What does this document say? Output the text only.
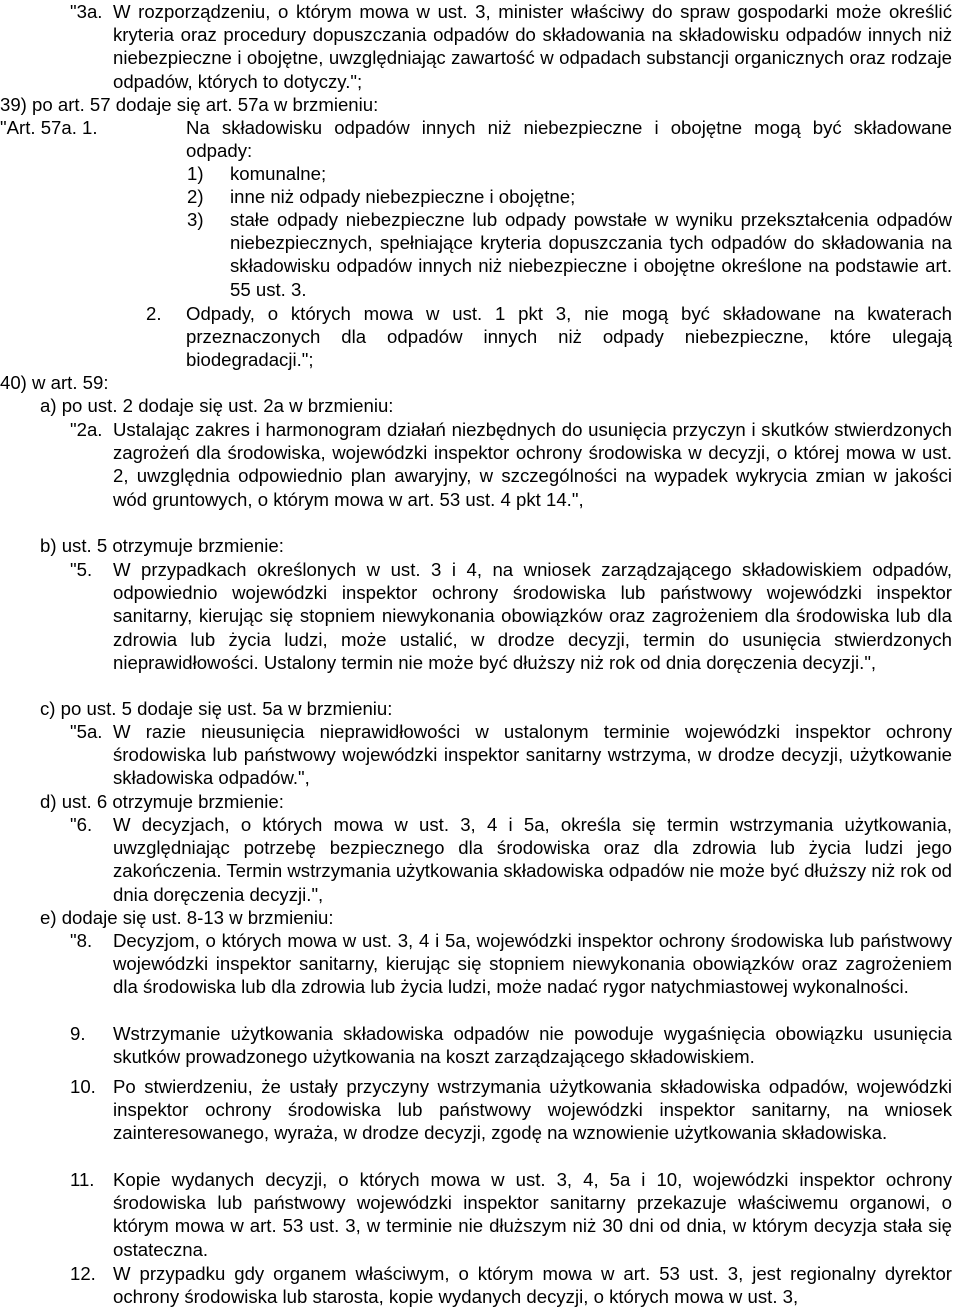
"3a. W rozporządzeniu, o którym mowa w ust. 3, minister właściwy do spraw gospodarki może określić kryteria oraz procedury dopuszczania odpadów do składowania na składowisku odpadów innych niż niebezpieczne i obojętne, uwzględniając zawartość w odpadach substancji organicznych oraz rodzaje odpadów, których to dotyczy.";
39) po art. 57 dodaje się art. 57a w brzmieniu:
"Art. 57a. 1.	Na składowisku odpadów innych niż niebezpieczne i obojętne mogą być składowane odpady:
1) komunalne;
2) inne niż odpady niebezpieczne i obojętne;
3) stałe odpady niebezpieczne lub odpady powstałe w wyniku przekształcenia odpadów niebezpiecznych, spełniające kryteria dopuszczania tych odpadów do składowania na składowisku odpadów innych niż niebezpieczne i obojętne określone na podstawie art. 55 ust. 3.
2. Odpady, o których mowa w ust. 1 pkt 3, nie mogą być składowane na kwaterach przeznaczonych dla odpadów innych niż odpady niebezpieczne, które ulegają biodegradacji.";
40) w art. 59:
a) po ust. 2 dodaje się ust. 2a w brzmieniu:
"2a. Ustalając zakres i harmonogram działań niezbędnych do usunięcia przyczyn i skutków stwierdzonych zagrożeń dla środowiska, wojewódzki inspektor ochrony środowiska w decyzji, o której mowa w ust. 2, uwzględnia odpowiednio plan awaryjny, w szczególności na wypadek wykrycia zmian w jakości wód gruntowych, o którym mowa w art. 53 ust. 4 pkt 14.",
b) ust. 5 otrzymuje brzmienie:
"5. W przypadkach określonych w ust. 3 i 4, na wniosek zarządzającego składowiskiem odpadów, odpowiednio wojewódzki inspektor ochrony środowiska lub państwowy wojewódzki inspektor sanitarny, kierując się stopniem niewykonania obowiązków oraz zagrożeniem dla środowiska lub dla zdrowia lub życia ludzi, może ustalić, w drodze decyzji, termin do usunięcia stwierdzonych nieprawidłowości. Ustalony termin nie może być dłuższy niż rok od dnia doręczenia decyzji.",
c) po ust. 5 dodaje się ust. 5a w brzmieniu:
"5a. W razie nieusunięcia nieprawidłowości w ustalonym terminie wojewódzki inspektor ochrony środowiska lub państwowy wojewódzki inspektor sanitarny wstrzyma, w drodze decyzji, użytkowanie składowiska odpadów.",
d) ust. 6 otrzymuje brzmienie:
"6. W decyzjach, o których mowa w ust. 3, 4 i 5a, określa się termin wstrzymania użytkowania, uwzględniając potrzebę bezpiecznego dla środowiska oraz dla zdrowia lub życia ludzi jego zakończenia. Termin wstrzymania użytkowania składowiska odpadów nie może być dłuższy niż rok od dnia doręczenia decyzji.",
e) dodaje się ust. 8-13 w brzmieniu:
"8. Decyzjom, o których mowa w ust. 3, 4 i 5a, wojewódzki inspektor ochrony środowiska lub państwowy wojewódzki inspektor sanitarny, kierując się stopniem niewykonania obowiązków oraz zagrożeniem dla środowiska lub dla zdrowia lub życia ludzi, może nadać rygor natychmiastowej wykonalności.
9. Wstrzymanie użytkowania składowiska odpadów nie powoduje wygaśnięcia obowiązku usunięcia skutków prowadzonego użytkowania na koszt zarządzającego składowiskiem.
10. Po stwierdzeniu, że ustały przyczyny wstrzymania użytkowania składowiska odpadów, wojewódzki inspektor ochrony środowiska lub państwowy wojewódzki inspektor sanitarny, na wniosek zainteresowanego, wyraża, w drodze decyzji, zgodę na wznowienie użytkowania składowiska.
11. Kopie wydanych decyzji, o których mowa w ust. 3, 4, 5a i 10, wojewódzki inspektor ochrony środowiska lub państwowy wojewódzki inspektor sanitarny przekazuje właściwemu organowi, o którym mowa w art. 53 ust. 3, w terminie nie dłuższym niż 30 dni od dnia, w którym decyzja stała się ostateczna.
12. W przypadku gdy organem właściwym, o którym mowa w art. 53 ust. 3, jest regionalny dyrektor ochrony środowiska lub starosta, kopie wydanych decyzji, o których mowa w ust. 3,
